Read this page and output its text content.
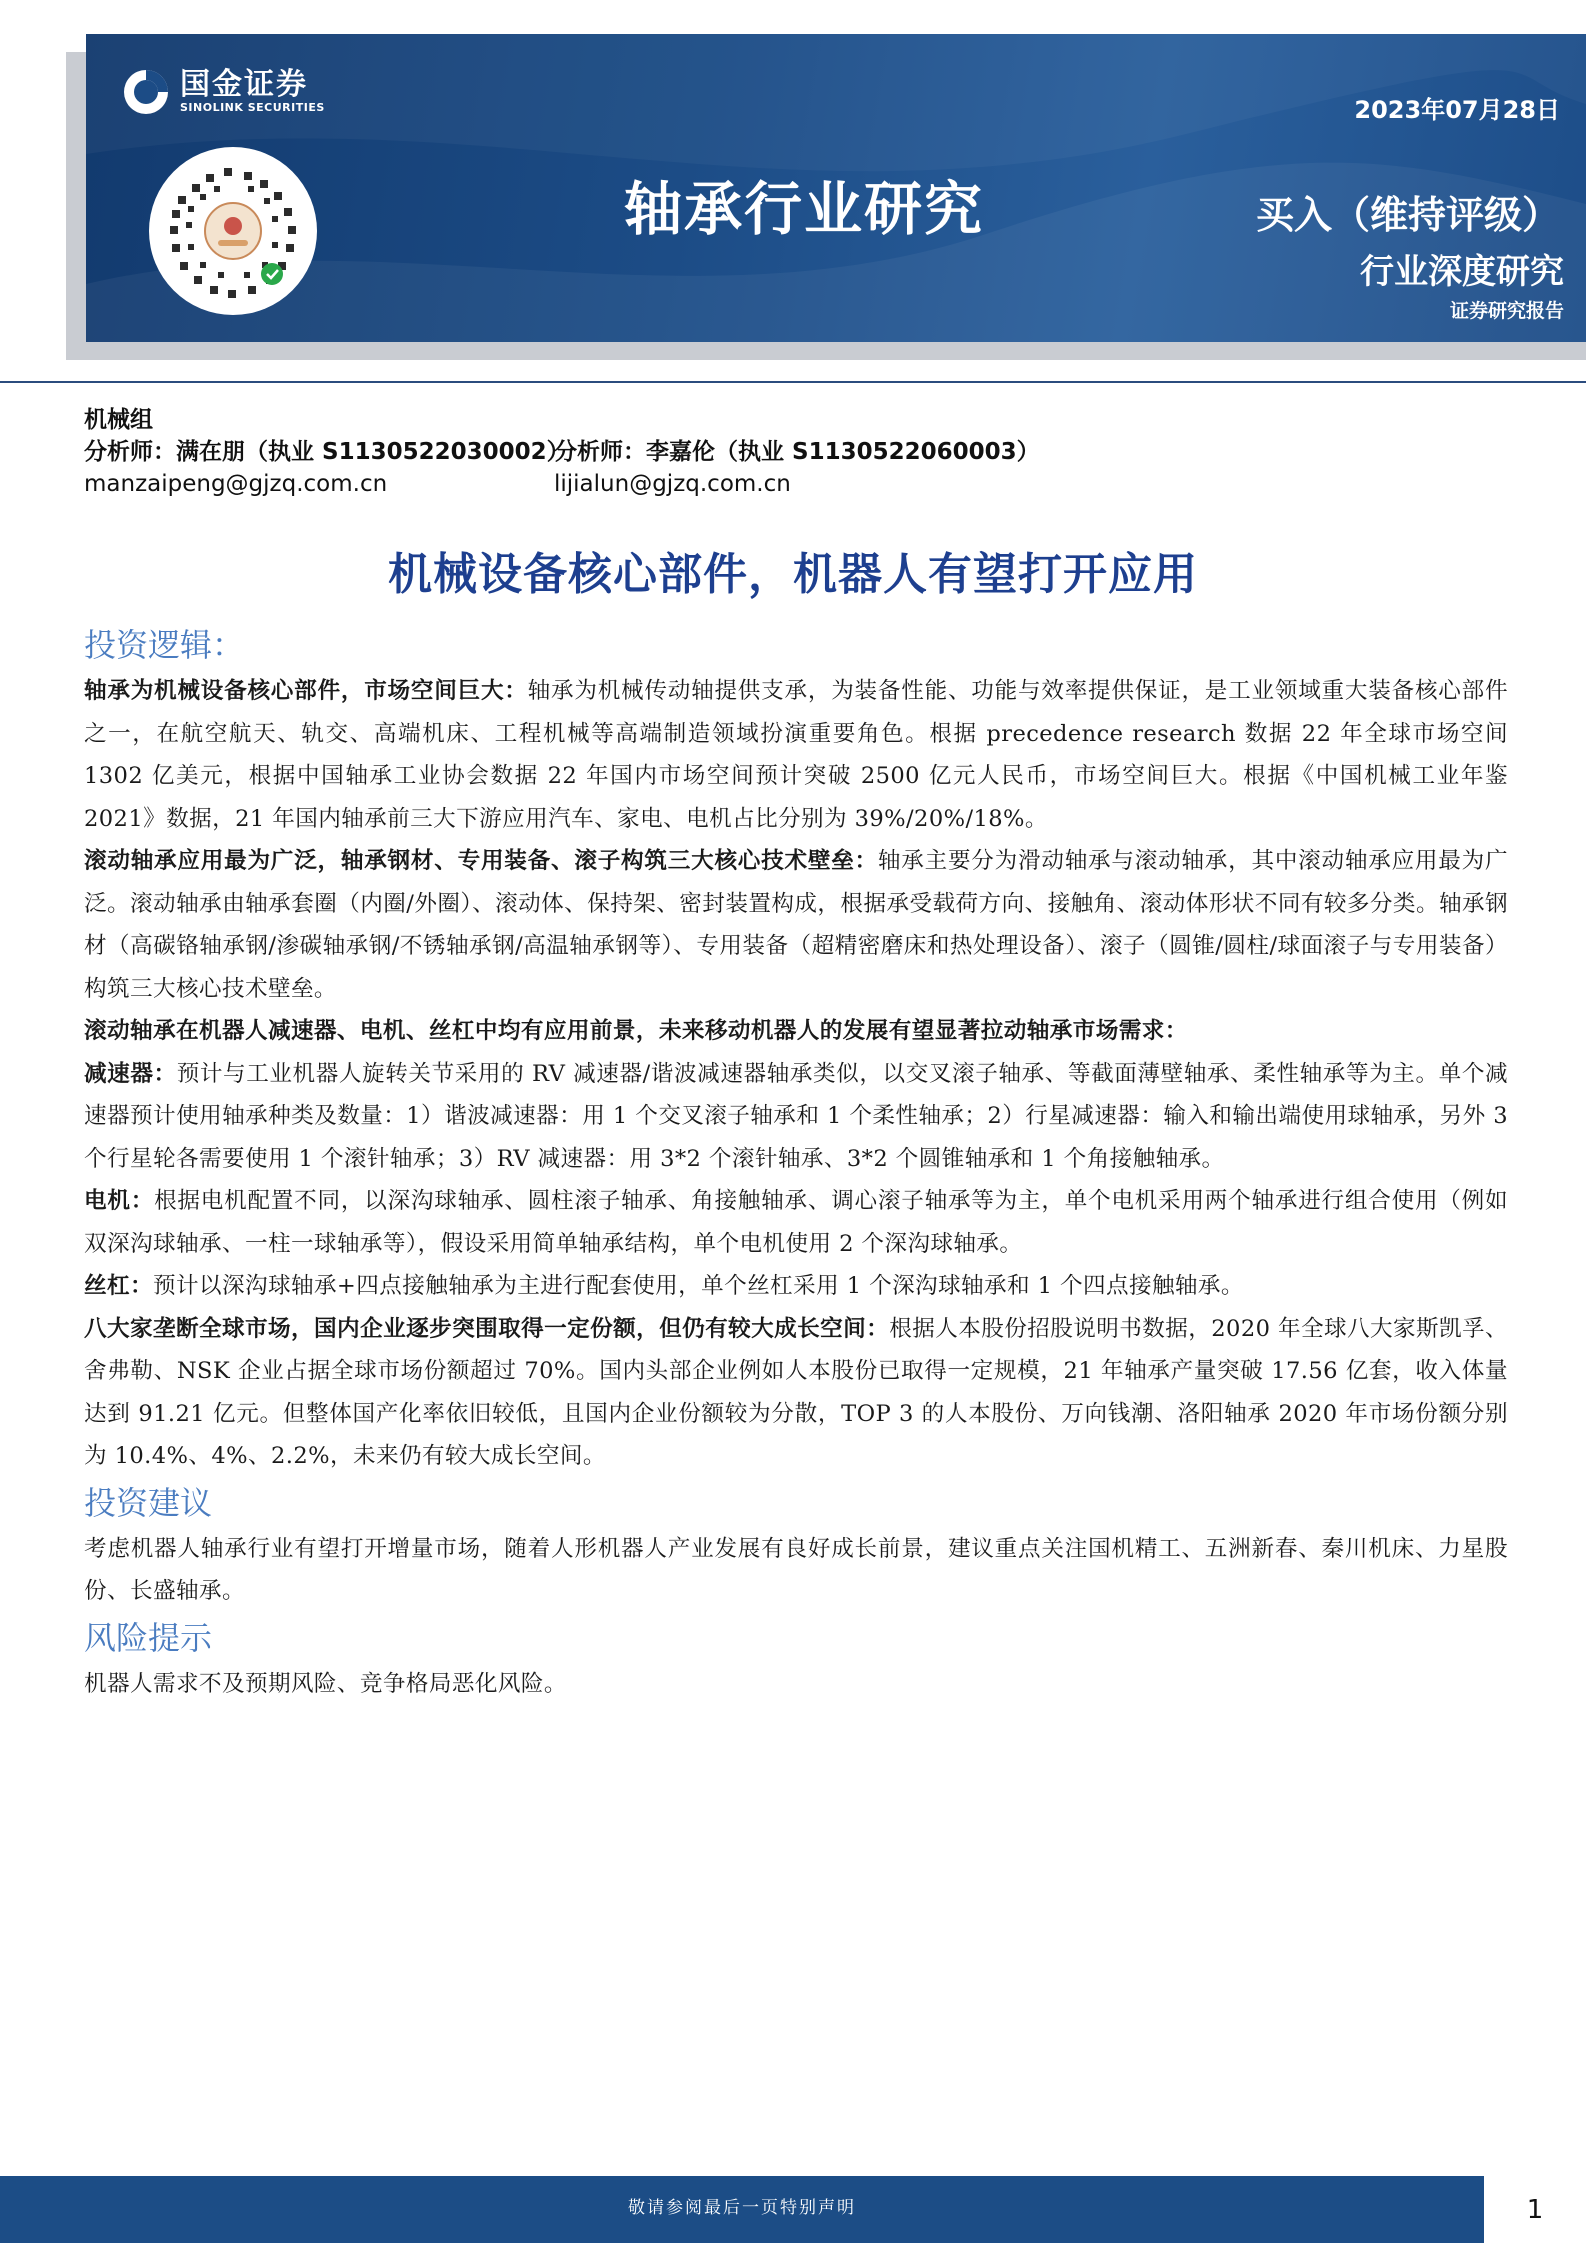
国金证券
SINOLINK SECURITIES	2023年07月28日
轴承行业研究	买入（维持评级）
行业深度研究
证券研究报告
机械组
分析师：满在朋（执业 S1130522030002）
分析师：李嘉伦（执业 S1130522060003）
manzaipeng@gjzq.com.cn	lijialun@gjzq.com.cn
机械设备核心部件，机器人有望打开应用
投资逻辑：

轴承为机械设备核心部件，市场空间巨大：轴承为机械传动轴提供支承，为装备性能、功能与效率提供保证，是工业领域重大装备核心部件之一，在航空航天、轨交、高端机床、工程机械等高端制造领域扮演重要角色。根据 precedence research 数据 22 年全球市场空间 1302 亿美元，根据中国轴承工业协会数据 22 年国内市场空间预计突破 2500 亿元人民币，市场空间巨大。根据《中国机械工业年鉴 2021》数据，21 年国内轴承前三大下游应用汽车、家电、电机占比分别为 39%/20%/18%。

滚动轴承应用最为广泛，轴承钢材、专用装备、滚子构筑三大核心技术壁垒：轴承主要分为滑动轴承与滚动轴承，其中滚动轴承应用最为广泛。滚动轴承由轴承套圈（内圈/外圈）、滚动体、保持架、密封装置构成，根据承受载荷方向、接触角、滚动体形状不同有较多分类。轴承钢材（高碳铬轴承钢/渗碳轴承钢/不锈轴承钢/高温轴承钢等）、专用装备（超精密磨床和热处理设备）、滚子（圆锥/圆柱/球面滚子与专用装备）构筑三大核心技术壁垒。

滚动轴承在机器人减速器、电机、丝杠中均有应用前景，未来移动机器人的发展有望显著拉动轴承市场需求：

减速器：预计与工业机器人旋转关节采用的 RV 减速器/谐波减速器轴承类似，以交叉滚子轴承、等截面薄壁轴承、柔性轴承等为主。单个减速器预计使用轴承种类及数量：1）谐波减速器：用 1 个交叉滚子轴承和 1 个柔性轴承；2）行星减速器：输入和输出端使用球轴承，另外 3 个行星轮各需要使用 1 个滚针轴承；3）RV 减速器：用 3*2 个滚针轴承、3*2 个圆锥轴承和 1 个角接触轴承。

电机：根据电机配置不同，以深沟球轴承、圆柱滚子轴承、角接触轴承、调心滚子轴承等为主，单个电机采用两个轴承进行组合使用（例如双深沟球轴承、一柱一球轴承等），假设采用简单轴承结构，单个电机使用 2 个深沟球轴承。

丝杠：预计以深沟球轴承+四点接触轴承为主进行配套使用，单个丝杠采用 1 个深沟球轴承和 1 个四点接触轴承。

八大家垄断全球市场，国内企业逐步突围取得一定份额，但仍有较大成长空间：根据人本股份招股说明书数据，2020 年全球八大家斯凯孚、舍弗勒、NSK 企业占据全球市场份额超过 70%。国内头部企业例如人本股份已取得一定规模，21 年轴承产量突破 17.56 亿套，收入体量达到 91.21 亿元。但整体国产化率依旧较低，且国内企业份额较为分散，TOP 3 的人本股份、万向钱潮、洛阳轴承 2020 年市场份额分别为 10.4%、4%、2.2%，未来仍有较大成长空间。

投资建议

考虑机器人轴承行业有望打开增量市场，随着人形机器人产业发展有良好成长前景，建议重点关注国机精工、五洲新春、秦川机床、力星股份、长盛轴承。

风险提示

机器人需求不及预期风险、竞争格局恶化风险。

敬请参阅最后一页特别声明	1
